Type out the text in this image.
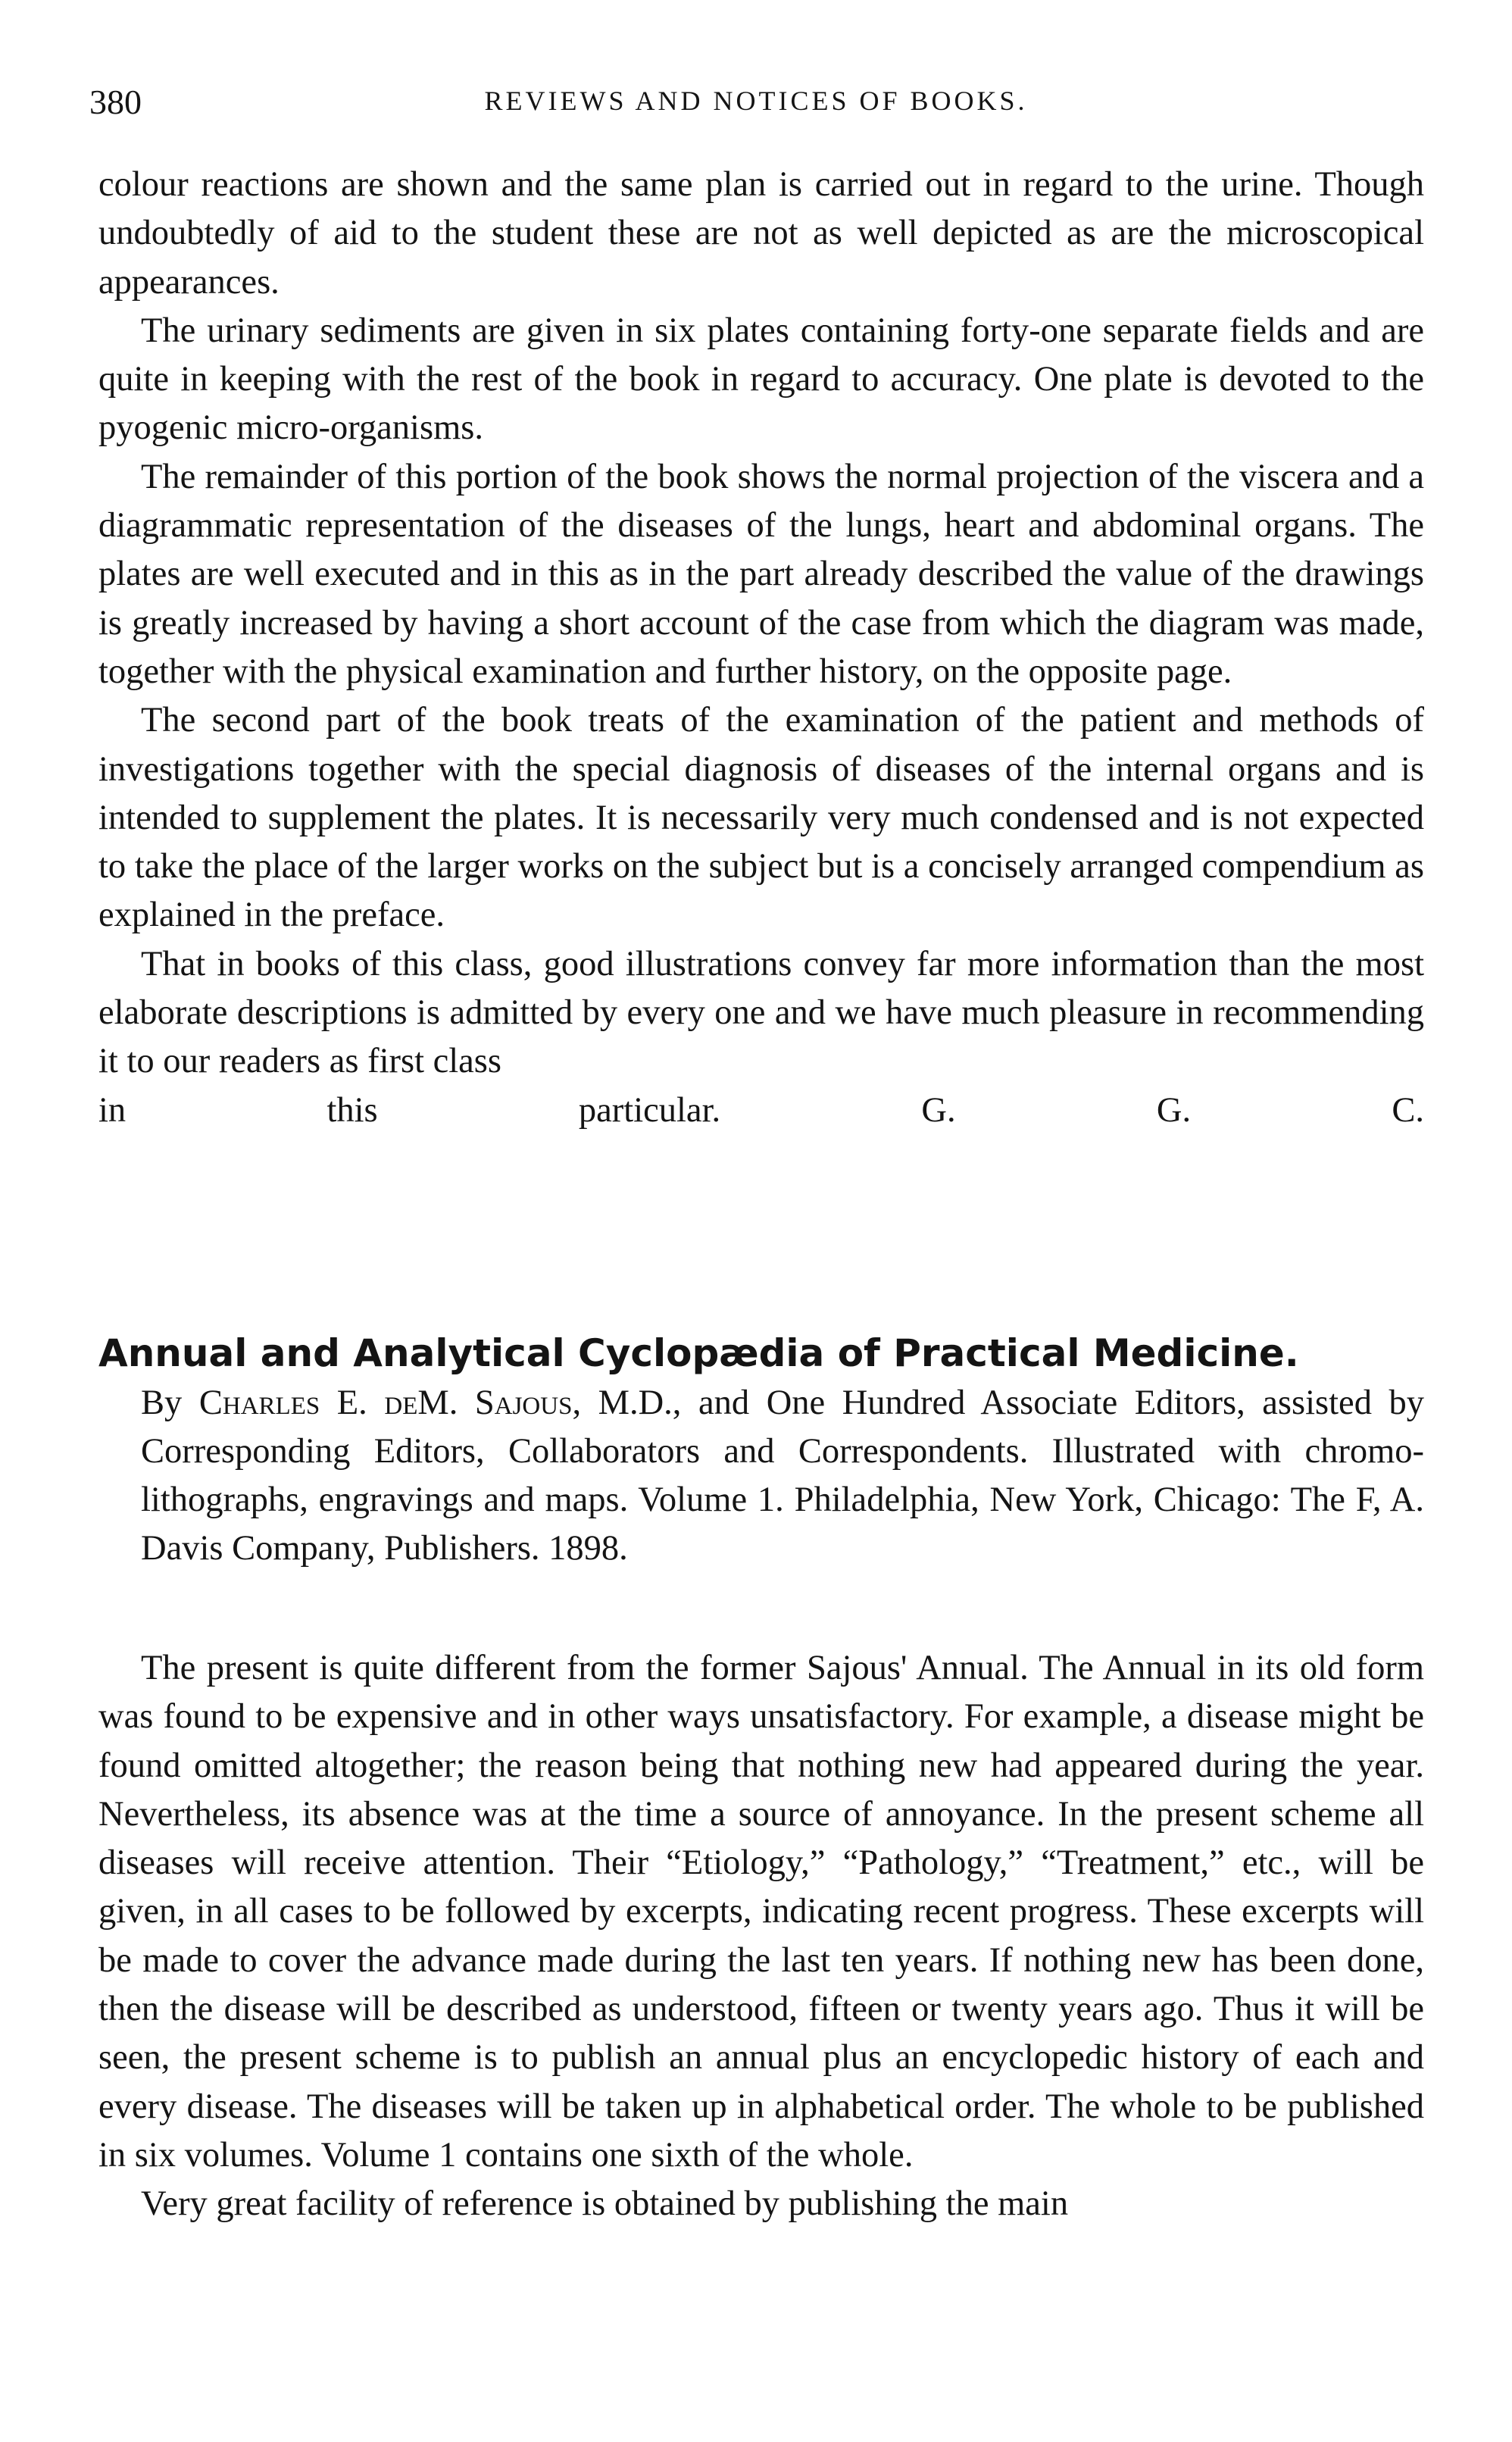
380	REVIEWS AND NOTICES OF BOOKS.

colour reactions are shown and the same plan is carried out in regard to the urine. Though undoubtedly of aid to the student these are not as well depicted as are the microscopical appearances.

The urinary sediments are given in six plates containing forty-one separate fields and are quite in keeping with the rest of the book in regard to accuracy. One plate is devoted to the pyogenic micro-organisms.

The remainder of this portion of the book shows the normal projection of the viscera and a diagrammatic representation of the diseases of the lungs, heart and abdominal organs. The plates are well executed and in this as in the part already described the value of the drawings is greatly increased by having a short account of the case from which the diagram was made, together with the physical examination and further history, on the opposite page.

The second part of the book treats of the examination of the patient and methods of investigations together with the special diagnosis of diseases of the internal organs and is intended to supplement the plates. It is necessarily very much condensed and is not expected to take the place of the larger works on the subject but is a concisely arranged compendium as explained in the preface.

That in books of this class, good illustrations convey far more information than the most elaborate descriptions is admitted by every one and we have much pleasure in recommending it to our readers as first class

in this particular.	G. G. C.
Annual and Analytical Cyclopædia of Practical Medicine.

By Charles E. deM. Sajous, M.D., and One Hundred Associate Editors, assisted by Corresponding Editors, Collaborators and Correspondents. Illustrated with chromo-lithographs, engravings and maps. Volume 1. Philadelphia, New York, Chicago: The F, A. Davis Company, Publishers. 1898.

The present is quite different from the former Sajous' Annual. The Annual in its old form was found to be expensive and in other ways unsatisfactory. For example, a disease might be found omitted altogether; the reason being that nothing new had appeared during the year. Nevertheless, its absence was at the time a source of annoyance. In the present scheme all diseases will receive attention. Their “Etiology,” “Pathology,” “Treatment,” etc., will be given, in all cases to be followed by excerpts, indicating recent progress. These excerpts will be made to cover the advance made during the last ten years. If nothing new has been done, then the disease will be described as understood, fifteen or twenty years ago. Thus it will be seen, the present scheme is to publish an annual plus an encyclopedic history of each and every disease. The diseases will be taken up in alphabetical order. The whole to be published in six volumes. Volume 1 contains one sixth of the whole.

Very great facility of reference is obtained by publishing the main
